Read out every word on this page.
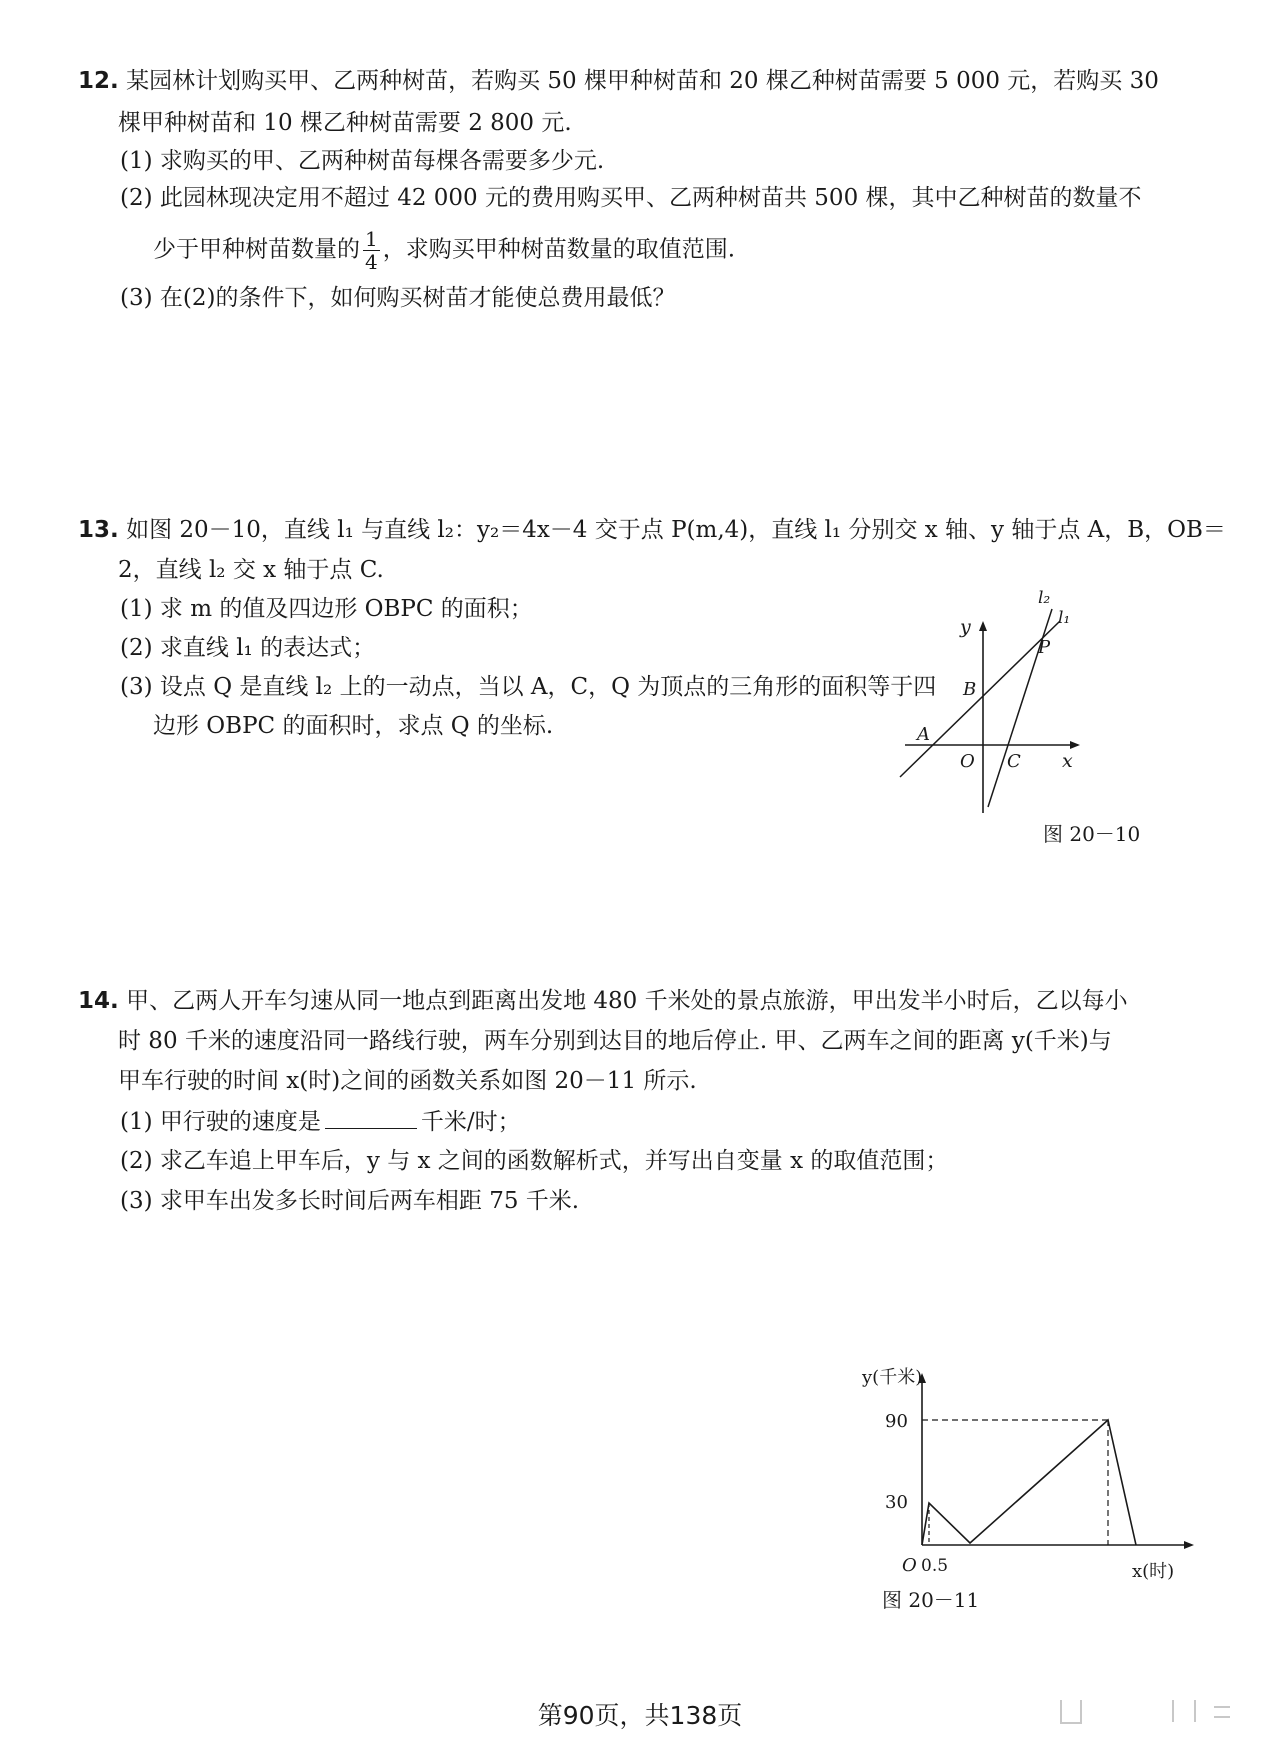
12. 某园林计划购买甲、乙两种树苗，若购买 50 棵甲种树苗和 20 棵乙种树苗需要 5 000 元，若购买 30
棵甲种树苗和 10 棵乙种树苗需要 2 800 元.
(1) 求购买的甲、乙两种树苗每棵各需要多少元.
(2) 此园林现决定用不超过 42 000 元的费用购买甲、乙两种树苗共 500 棵，其中乙种树苗的数量不
少于甲种树苗数量的 $\frac{1}{4}$ ，求购买甲种树苗数量的取值范围.
(3) 在(2)的条件下，如何购买树苗才能使总费用最低？
13. 如图 20－10，直线 l₁ 与直线 l₂：y₂＝4x－4 交于点 P(m,4)，直线 l₁ 分别交 x 轴、y 轴于点 A，B，OB＝
2，直线 l₂ 交 x 轴于点 C.
(1) 求 m 的值及四边形 OBPC 的面积；
(2) 求直线 l₁ 的表达式；
(3) 设点 Q 是直线 l₂ 上的一动点，当以 A，C，Q 为顶点的三角形的面积等于四
边形 OBPC 的面积时，求点 Q 的坐标.
l₂
l₁
y
P
B
A
O C x
图 20－10
14. 甲、乙两人开车匀速从同一地点到距离出发地 480 千米处的景点旅游，甲出发半小时后，乙以每小
时 80 千米的速度沿同一路线行驶，两车分别到达目的地后停止. 甲、乙两车之间的距离 y(千米)与
甲车行驶的时间 x(时)之间的函数关系如图 20－11 所示.
(1) 甲行驶的速度是	千米/时；
(2) 求乙车追上甲车后，y 与 x 之间的函数解析式，并写出自变量 x 的取值范围；
(3) 求甲车出发多长时间后两车相距 75 千米.
y(千米)
90
30
O 0.5	x(时)
图 20－11
第90页，共138页
